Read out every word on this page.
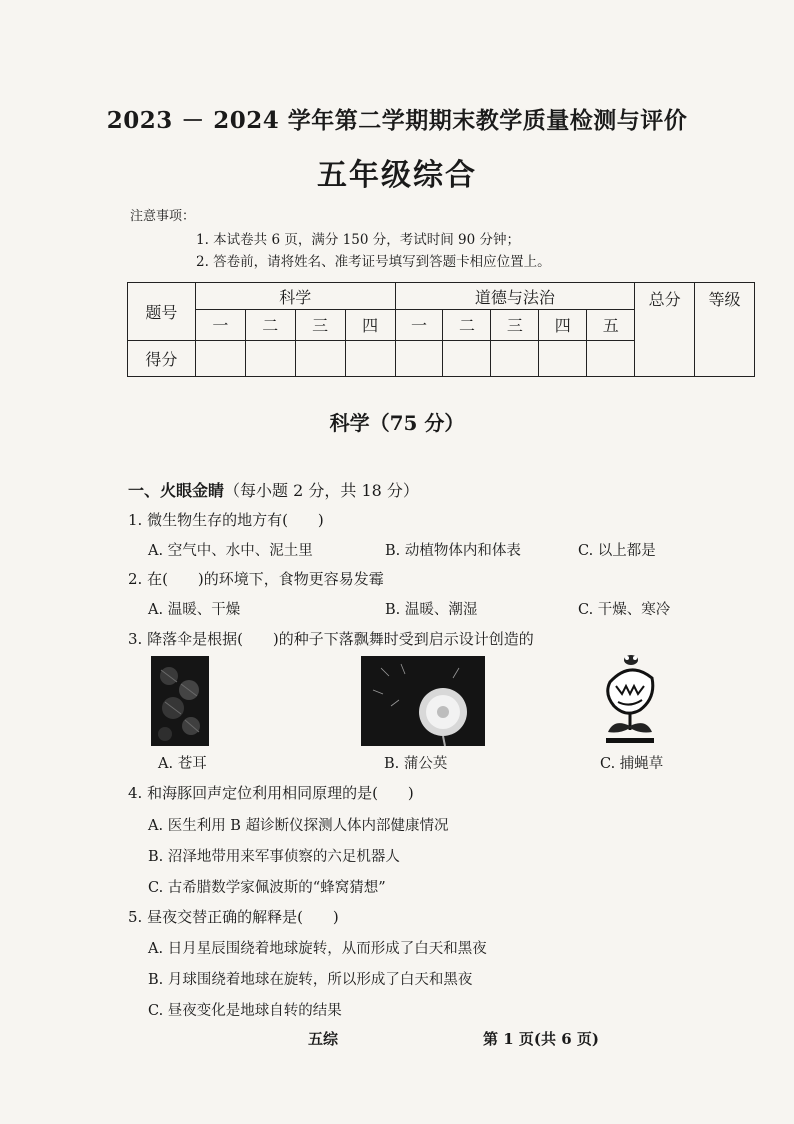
2023 － 2024 学年第二学期期末教学质量检测与评价
五年级综合
注意事项：
1. 本试卷共 6 页，满分 150 分，考试时间 90 分钟；
2. 答卷前，请将姓名、准考证号填写到答题卡相应位置上。
题号	科学				道德与法治					总分	等级
	一	二	三	四	一	二	三	四	五		
得分											
科学（75 分）
一、火眼金睛（每小题 2 分，共 18 分）
1. 微生物生存的地方有(　　)
A. 空气中、水中、泥土里	B. 动植物体内和体表	C. 以上都是
2. 在(　　)的环境下，食物更容易发霉
A. 温暖、干燥	B. 温暖、潮湿	C. 干燥、寒冷
3. 降落伞是根据(　　)的种子下落飘舞时受到启示设计创造的
A. 苍耳	B. 蒲公英	C. 捕蝇草
4. 和海豚回声定位利用相同原理的是(　　)
A. 医生利用 B 超诊断仪探测人体内部健康情况
B. 沼泽地带用来军事侦察的六足机器人
C. 古希腊数学家佩波斯的“蜂窝猜想”
5. 昼夜交替正确的解释是(　　)
A. 日月星辰围绕着地球旋转，从而形成了白天和黑夜
B. 月球围绕着地球在旋转，所以形成了白天和黑夜
C. 昼夜变化是地球自转的结果
五综	第 1 页(共 6 页)
